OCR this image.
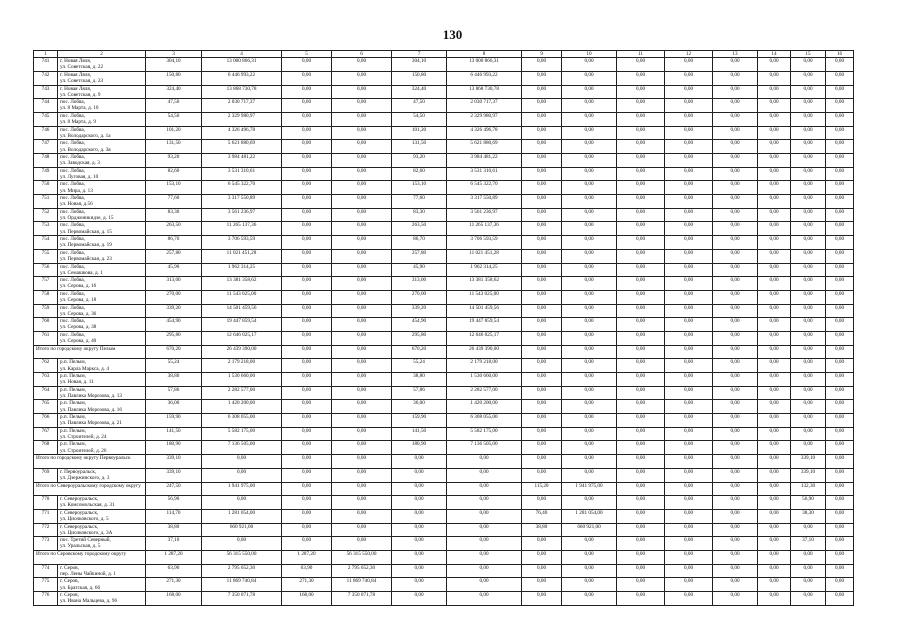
130
1	2	3	4	5	6	7	8	9	10	11	12	13	14	15	16
741	г. Новая Ляля,
ул. Советская, д. 22	304,10	13 000 866,31	0,00	0,00	304,10	13 000 866,31	0,00	0,00	0,00	0,00	0,00	0,00	0,00	0,00
742	г. Новая Ляля,
ул. Советская, д. 23	150,80	6 446 993,22	0,00	0,00	150,80	6 446 993,22	0,00	0,00	0,00	0,00	0,00	0,00	0,00	0,00
743	г. Новая Ляля,
ул. Советская, д. 9	324,40	13 868 730,78	0,00	0,00	324,40	13 868 730,78	0,00	0,00	0,00	0,00	0,00	0,00	0,00	0,00
744	пос. Лобва,
ул. 8 Марта, д. 10	47,50	2 030 717,37	0,00	0,00	47,50	2 030 717,37	0,00	0,00	0,00	0,00	0,00	0,00	0,00	0,00
745	пос. Лобва,
ул. 8 Марта, д. 9	54,50	2 329 980,97	0,00	0,00	54,50	2 329 980,97	0,00	0,00	0,00	0,00	0,00	0,00	0,00	0,00
746	пос. Лобва,
ул. Володарского, д. 1а	101,20	4 326 496,78	0,00	0,00	101,20	4 326 496,78	0,00	0,00	0,00	0,00	0,00	0,00	0,00	0,00
747	пос. Лобва,
ул. Володарского, д. 3в	131,50	5 621 880,69	0,00	0,00	131,50	5 621 880,69	0,00	0,00	0,00	0,00	0,00	0,00	0,00	0,00
748	пос. Лобва,
ул. Заводская, д. 3	93,20	3 984 481,22	0,00	0,00	93,20	3 984 481,22	0,00	0,00	0,00	0,00	0,00	0,00	0,00	0,00
749	пос. Лобва,
ул. Луговая, д. 10	82,60	3 531 310,61	0,00	0,00	82,60	3 531 310,61	0,00	0,00	0,00	0,00	0,00	0,00	0,00	0,00
750	пос. Лобва,
ул. Мира, д. 13	153,10	6 545 322,70	0,00	0,00	153,10	6 545 322,70	0,00	0,00	0,00	0,00	0,00	0,00	0,00	0,00
751	пос. Лобва,
ул. Новая, д.56	77,60	3 317 550,89	0,00	0,00	77,60	3 317 550,89	0,00	0,00	0,00	0,00	0,00	0,00	0,00	0,00
752	пос. Лобва,
ул. Орджоникидзе, д. 15	83,30	3 561 236,97	0,00	0,00	83,30	3 561 236,97	0,00	0,00	0,00	0,00	0,00	0,00	0,00	0,00
753	пос. Лобва,
ул. Первомайская, д. 15	263,50	11 265 137,36	0,00	0,00	263,50	11 265 137,36	0,00	0,00	0,00	0,00	0,00	0,00	0,00	0,00
754	пос. Лобва,
ул. Первомайская, д. 19	86,70	3 706 593,59	0,00	0,00	86,70	3 706 593,59	0,00	0,00	0,00	0,00	0,00	0,00	0,00	0,00
755	пос. Лобва,
ул. Первомайская, д. 23	257,80	11 021 451,28	0,00	0,00	257,80	11 021 451,28	0,00	0,00	0,00	0,00	0,00	0,00	0,00	0,00
756	пос. Лобва,
ул. Семашкова, д. 1	45,90	1 962 314,25	0,00	0,00	45,90	1 962 314,25	0,00	0,00	0,00	0,00	0,00	0,00	0,00	0,00
757	пос. Лобва,
ул. Серова, д. 16	313,00	13 381 358,62	0,00	0,00	313,00	13 381 358,62	0,00	0,00	0,00	0,00	0,00	0,00	0,00	0,00
758	пос. Лобва,
ул. Серова, д. 18	270,00	11 543 025,00	0,00	0,00	270,00	11 543 025,00	0,00	0,00	0,00	0,00	0,00	0,00	0,00	0,00
759	пос. Лобва,
ул. Серова, д. 36	339,20	14 501 459,56	0,00	0,00	339,20	14 501 459,56	0,00	0,00	0,00	0,00	0,00	0,00	0,00	0,00
760	пос. Лобва,
ул. Серова, д. 38	454,90	19 447 859,54	0,00	0,00	454,90	19 447 859,54	0,00	0,00	0,00	0,00	0,00	0,00	0,00	0,00
761	пос. Лобва,
ул. Серова, д. 40	295,80	12 646 025,17	0,00	0,00	295,80	12 646 025,17	0,00	0,00	0,00	0,00	0,00	0,00	0,00	0,00
Итого по городскому округу Пелым		670,20	26 439 390,00	0,00	0,00	670,20	26 439 390,00	0,00	0,00	0,00	0,00	0,00	0,00	0,00	0,00
762	р.п. Пелым,
ул. Карла Маркса, д. 4	55,24	2 179 218,00	0,00	0,00	55,24	2 179 218,00	0,00	0,00	0,00	0,00	0,00	0,00	0,00	0,00
763	р.п. Пелым,
ул. Новая, д. 11	38,80	1 530 660,00	0,00	0,00	38,80	1 530 660,00	0,00	0,00	0,00	0,00	0,00	0,00	0,00	0,00
764	р.п. Пелым,
ул. Павлика Морозова, д. 13	57,86	2 282 577,00	0,00	0,00	57,86	2 282 577,00	0,00	0,00	0,00	0,00	0,00	0,00	0,00	0,00
765	р.п. Пелым,
ул. Павлика Морозова, д. 16	36,00	1 420 200,00	0,00	0,00	36,00	1 420 200,00	0,00	0,00	0,00	0,00	0,00	0,00	0,00	0,00
766	р.п. Пелым,
ул. Павлика Морозова, д. 21	159,90	6 308 055,00	0,00	0,00	159,90	6 308 055,00	0,00	0,00	0,00	0,00	0,00	0,00	0,00	0,00
767	р.п. Пелым,
ул. Строителей, д. 24	141,50	5 582 175,00	0,00	0,00	141,50	5 582 175,00	0,00	0,00	0,00	0,00	0,00	0,00	0,00	0,00
768	р.п. Пелым,
ул. Строителей, д. 26	180,90	7 136 505,00	0,00	0,00	180,90	7 136 505,00	0,00	0,00	0,00	0,00	0,00	0,00	0,00	0,00
Итого по городскому округу Первоуральск		339,10	0,00	0,00	0,00	0,00	0,00	0,00	0,00	0,00	0,00	0,00	0,00	339,10	0,00
769	г. Первоуральск,
ул. Дзержинского, д. 3	339,10	0,00	0,00	0,00	0,00	0,00	0,00	0,00	0,00	0,00	0,00	0,00	339,10	0,00
Итого по Североуральскому городскому округу		247,50	1 941 975,00	0,00	0,00	0,00	0,00	115,20	1 941 975,00	0,00	0,00	0,00	0,00	132,30	0,00
770	г. Североуральск,
ул. Комсомольская, д. 31	56,90	0,00	0,00	0,00	0,00	0,00	0,00	0,00	0,00	0,00	0,00	0,00	56,90	0,00
771	г. Североуральск,
ул. Циолковского, д. 5	114,70	1 281 054,00	0,00	0,00	0,00	0,00	76,40	1 281 054,00	0,00	0,00	0,00	0,00	38,30	0,00
772	г. Североуральск,
ул. Циолковского, д. 3А	38,80	660 921,00	0,00	0,00	0,00	0,00	38,80	660 921,00	0,00	0,00	0,00	0,00	0,00	0,00
773	пос. Третий Северный,
ул. Уральская, д. 5	37,10	0,00	0,00	0,00	0,00	0,00	0,00	0,00	0,00	0,00	0,00	0,00	37,10	0,00
Итого по Серовскому городскому округу		1 287,20	56 315 550,00	1 287,20	56 315 550,00	0,00	0,00	0,00	0,00	0,00	0,00	0,00	0,00	0,00	0,00
774	г. Серов,
пер. Лены Чайкиной, д. 1	63,90	2 795 652,30	63,90	2 795 652,30	0,00	0,00	0,00	0,00	0,00	0,00	0,00	0,00	0,00	0,00
775	г. Серов,
ул. Братская, д. 66	271,30	11 869 740,84	271,30	11 869 740,84	0,00	0,00	0,00	0,00	0,00	0,00	0,00	0,00	0,00	0,00
776	г. Серов,
ул. Ивана Мальцева, д. 96	168,00	7 350 071,78	168,00	7 350 071,78	0,00	0,00	0,00	0,00	0,00	0,00	0,00	0,00	0,00	0,00
